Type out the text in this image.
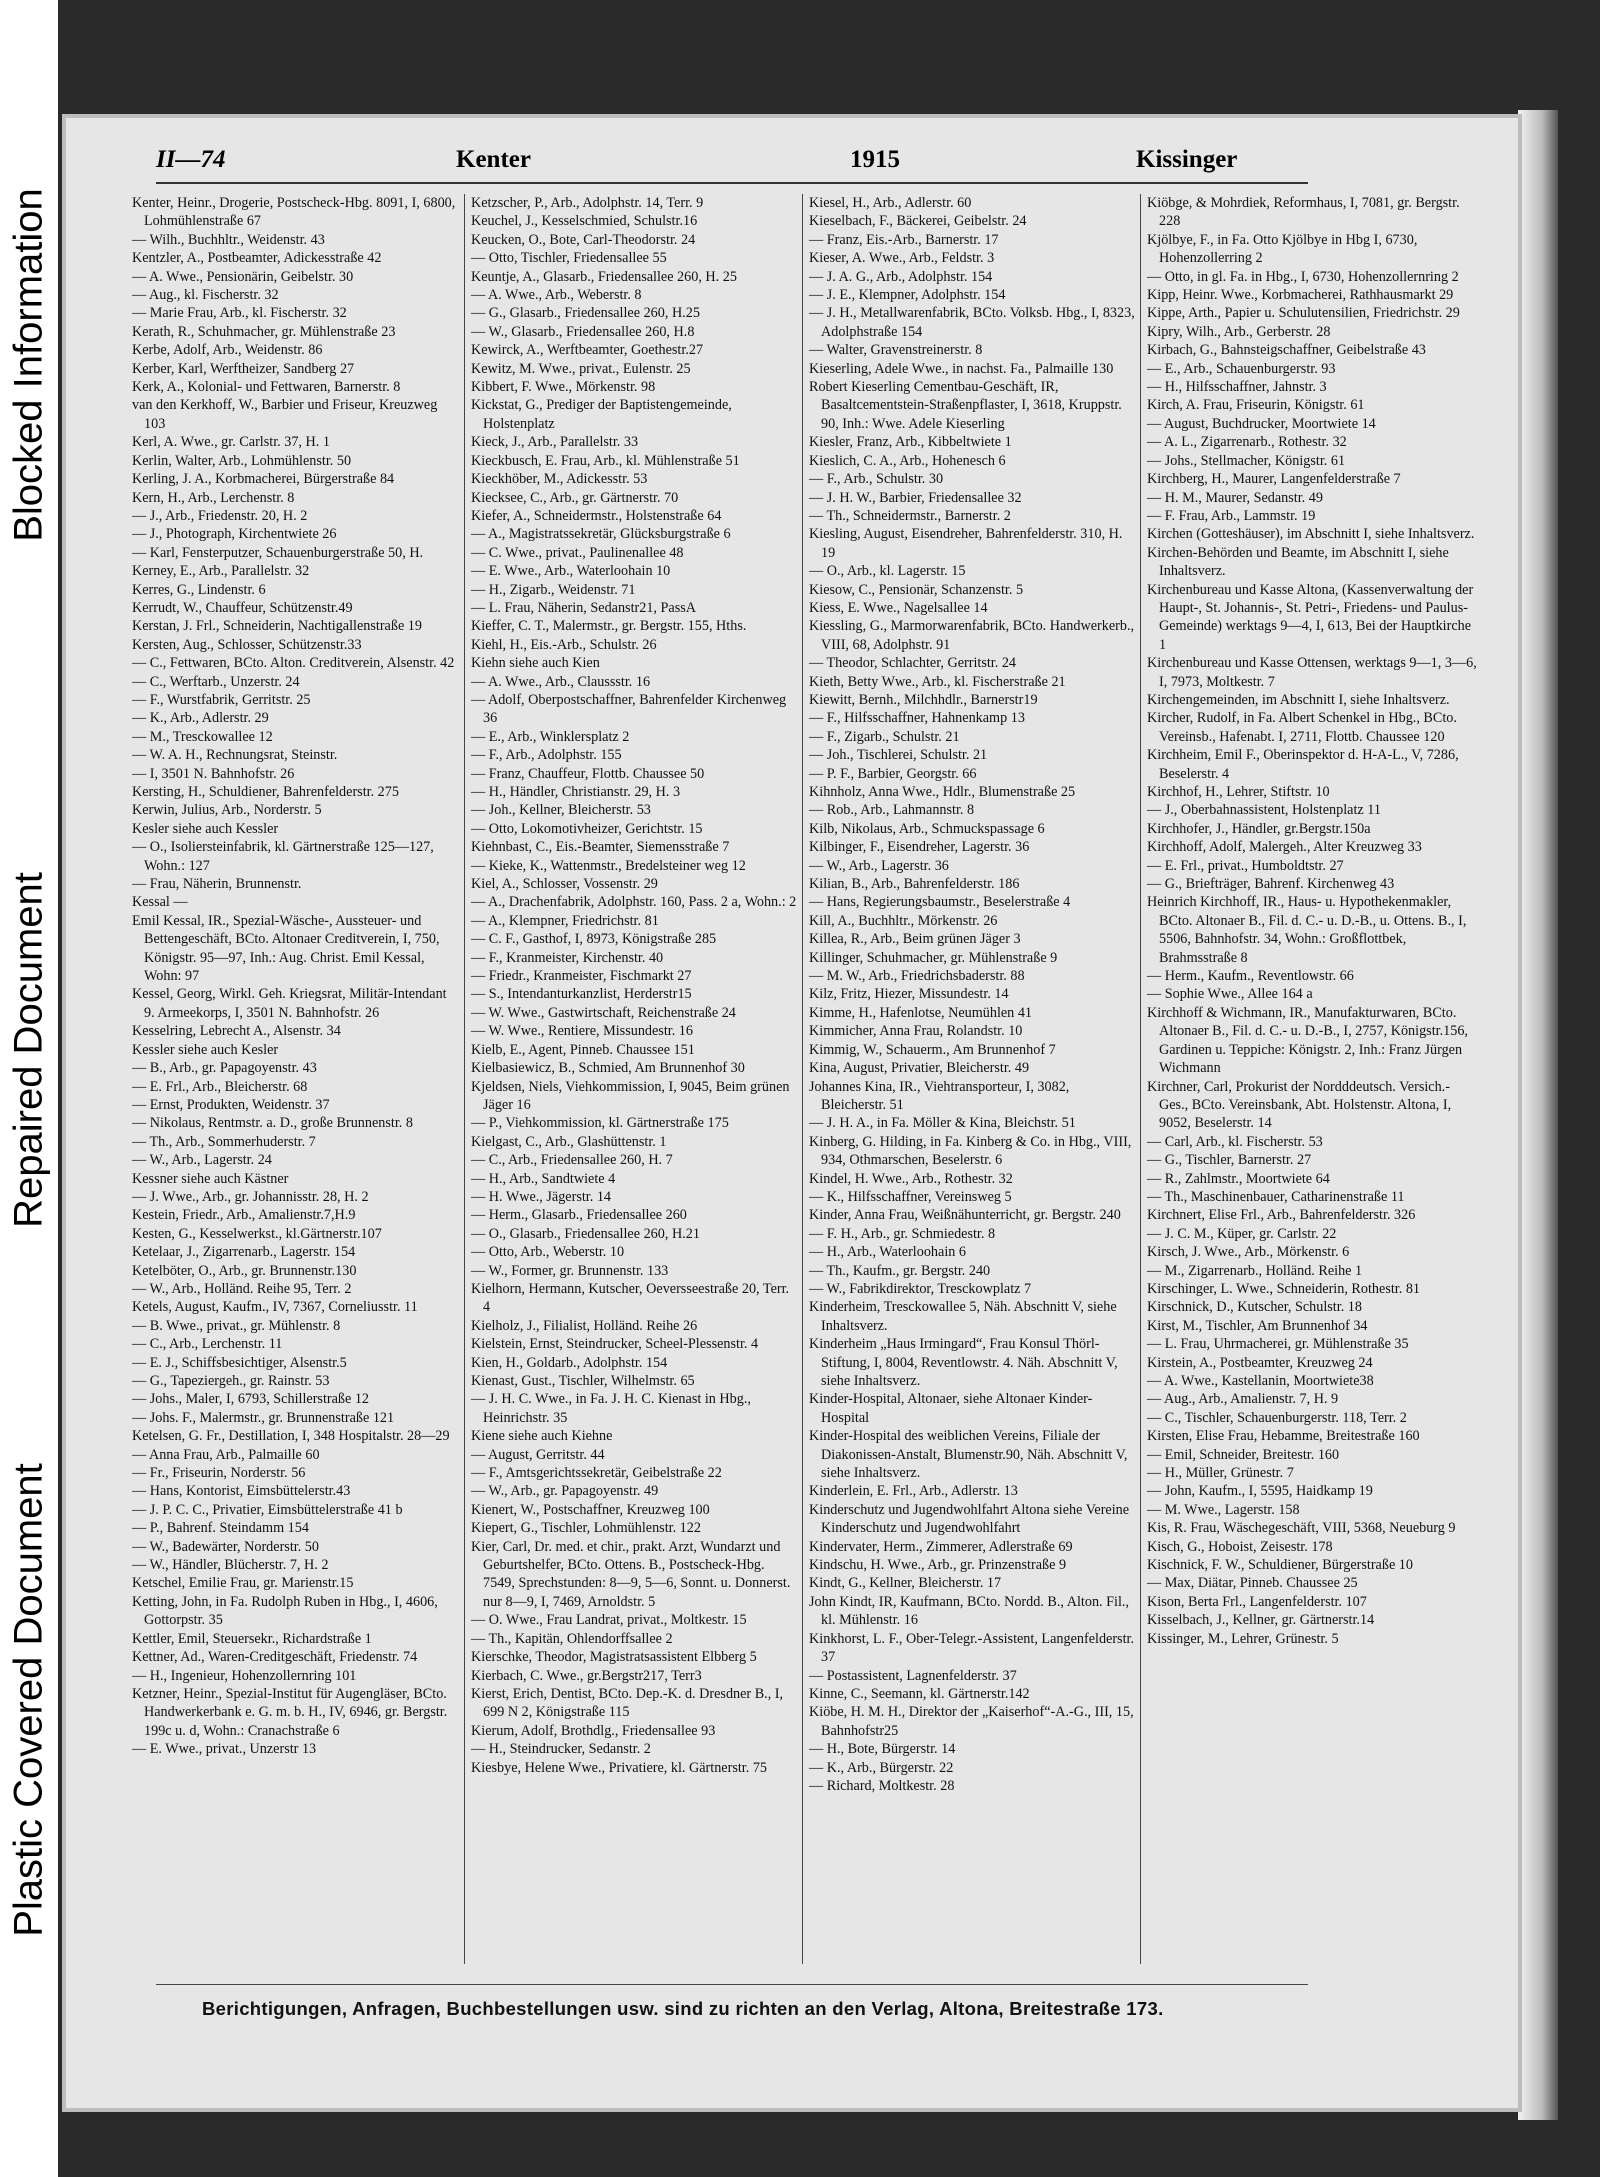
Plastic Covered Document
Repaired Document
Blocked Information
II—74	Kenter	1915	Kissinger

Kenter, Heinr., Drogerie, Postscheck-Hbg. 8091, I, 6800, Lohmühlenstraße 67

— Wilh., Buchhltr., Weidenstr. 43

Kentzler, A., Postbeamter, Adickesstraße 42

— A. Wwe., Pensionärin, Geibelstr. 30

— Aug., kl. Fischerstr. 32

— Marie Frau, Arb., kl. Fischerstr. 32

Kerath, R., Schuhmacher, gr. Mühlenstraße 23

Kerbe, Adolf, Arb., Weidenstr. 86

Kerber, Karl, Werftheizer, Sandberg 27

Kerk, A., Kolonial- und Fettwaren, Barnerstr. 8

van den Kerkhoff, W., Barbier und Friseur, Kreuzweg 103

Kerl, A. Wwe., gr. Carlstr. 37, H. 1

Kerlin, Walter, Arb., Lohmühlenstr. 50

Kerling, J. A., Korbmacherei, Bürgerstraße 84

Kern, H., Arb., Lerchenstr. 8

— J., Arb., Friedenstr. 20, H. 2

— J., Photograph, Kirchentwiete 26

— Karl, Fensterputzer, Schauenburgerstraße 50, H.

Kerney, E., Arb., Parallelstr. 32

Kerres, G., Lindenstr. 6

Kerrudt, W., Chauffeur, Schützenstr.49

Kerstan, J. Frl., Schneiderin, Nachtigallenstraße 19

Kersten, Aug., Schlosser, Schützenstr.33

— C., Fettwaren, BCto. Alton. Creditverein, Alsenstr. 42

— C., Werftarb., Unzerstr. 24

— F., Wurstfabrik, Gerritstr. 25

— K., Arb., Adlerstr. 29

— M., Tresckowallee 12

— W. A. H., Rechnungsrat, Steinstr.

— I, 3501 N. Bahnhofstr. 26

Kersting, H., Schuldiener, Bahrenfelderstr. 275

Kerwin, Julius, Arb., Norderstr. 5

Kesler siehe auch Kessler

— O., Isoliersteinfabrik, kl. Gärtnerstraße 125—127, Wohn.: 127

— Frau, Näherin, Brunnenstr.

Kessal —

Emil Kessal, IR., Spezial-Wäsche-, Aussteuer- und Bettengeschäft, BCto. Altonaer Creditverein, I, 750, Königstr. 95—97, Inh.: Aug. Christ. Emil Kessal, Wohn: 97

Kessel, Georg, Wirkl. Geh. Kriegsrat, Militär-Intendant 9. Armeekorps, I, 3501 N. Bahnhofstr. 26

Kesselring, Lebrecht A., Alsenstr. 34

Kessler siehe auch Kesler

— B., Arb., gr. Papagoyenstr. 43

— E. Frl., Arb., Bleicherstr. 68

— Ernst, Produkten, Weidenstr. 37

— Nikolaus, Rentmstr. a. D., große Brunnenstr. 8

— Th., Arb., Sommerhuderstr. 7

— W., Arb., Lagerstr. 24

Kessner siehe auch Kästner

— J. Wwe., Arb., gr. Johannisstr. 28, H. 2

Kestein, Friedr., Arb., Amalienstr.7,H.9

Kesten, G., Kesselwerkst., kl.Gärtnerstr.107

Ketelaar, J., Zigarrenarb., Lagerstr. 154

Ketelböter, O., Arb., gr. Brunnenstr.130

— W., Arb., Holländ. Reihe 95, Terr. 2

Ketels, August, Kaufm., IV, 7367, Corneliusstr. 11

— B. Wwe., privat., gr. Mühlenstr. 8

— C., Arb., Lerchenstr. 11

— E. J., Schiffsbesichtiger, Alsenstr.5

— G., Tapeziergeh., gr. Rainstr. 53

— Johs., Maler, I, 6793, Schillerstraße 12

— Johs. F., Malermstr., gr. Brunnenstraße 121

Ketelsen, G. Fr., Destillation, I, 348 Hospitalstr. 28—29

— Anna Frau, Arb., Palmaille 60

— Fr., Friseurin, Norderstr. 56

— Hans, Kontorist, Eimsbüttelerstr.43

— J. P. C. C., Privatier, Eimsbüttelerstraße 41 b

— P., Bahrenf. Steindamm 154

— W., Badewärter, Norderstr. 50

— W., Händler, Blücherstr. 7, H. 2

Ketschel, Emilie Frau, gr. Marienstr.15

Ketting, John, in Fa. Rudolph Ruben in Hbg., I, 4606, Gottorpstr. 35

Kettler, Emil, Steuersekr., Richardstraße 1

Kettner, Ad., Waren-Creditgeschäft, Friedenstr. 74

— H., Ingenieur, Hohenzollernring 101

Ketzner, Heinr., Spezial-Institut für Augengläser, BCto. Handwerkerbank e. G. m. b. H., IV, 6946, gr. Bergstr. 199c u. d, Wohn.: Cranachstraße 6

— E. Wwe., privat., Unzerstr 13

Ketzscher, P., Arb., Adolphstr. 14, Terr. 9

Keuchel, J., Kesselschmied, Schulstr.16

Keucken, O., Bote, Carl-Theodorstr. 24

— Otto, Tischler, Friedensallee 55

Keuntje, A., Glasarb., Friedensallee 260, H. 25

— A. Wwe., Arb., Weberstr. 8

— G., Glasarb., Friedensallee 260, H.25

— W., Glasarb., Friedensallee 260, H.8

Kewirck, A., Werftbeamter, Goethestr.27

Kewitz, M. Wwe., privat., Eulenstr. 25

Kibbert, F. Wwe., Mörkenstr. 98

Kickstat, G., Prediger der Baptistengemeinde, Holstenplatz

Kieck, J., Arb., Parallelstr. 33

Kieckbusch, E. Frau, Arb., kl. Mühlenstraße 51

Kieckhöber, M., Adickesstr. 53

Kiecksee, C., Arb., gr. Gärtnerstr. 70

Kiefer, A., Schneidermstr., Holstenstraße 64

— A., Magistratssekretär, Glücksburgstraße 6

— C. Wwe., privat., Paulinenallee 48

— E. Wwe., Arb., Waterloohain 10

— H., Zigarb., Weidenstr. 71

— L. Frau, Näherin, Sedanstr21, PassA

Kieffer, C. T., Malermstr., gr. Bergstr. 155, Hths.

Kiehl, H., Eis.-Arb., Schulstr. 26

Kiehn siehe auch Kien

— A. Wwe., Arb., Claussstr. 16

— Adolf, Oberpostschaffner, Bahrenfelder Kirchenweg 36

— E., Arb., Winklersplatz 2

— F., Arb., Adolphstr. 155

— Franz, Chauffeur, Flottb. Chaussee 50

— H., Händler, Christianstr. 29, H. 3

— Joh., Kellner, Bleicherstr. 53

— Otto, Lokomotivheizer, Gerichtstr. 15

Kiehnbast, C., Eis.-Beamter, Siemensstraße 7

— Kieke, K., Wattenmstr., Bredelsteiner weg 12

Kiel, A., Schlosser, Vossenstr. 29

— A., Drachenfabrik, Adolphstr. 160, Pass. 2 a, Wohn.: 2

— A., Klempner, Friedrichstr. 81

— C. F., Gasthof, I, 8973, Königstraße 285

— F., Kranmeister, Kirchenstr. 40

— Friedr., Kranmeister, Fischmarkt 27

— S., Intendanturkanzlist, Herderstr15

— W. Wwe., Gastwirtschaft, Reichenstraße 24

— W. Wwe., Rentiere, Missundestr. 16

Kielb, E., Agent, Pinneb. Chaussee 151

Kielbasiewicz, B., Schmied, Am Brunnenhof 30

Kjeldsen, Niels, Viehkommission, I, 9045, Beim grünen Jäger 16

— P., Viehkommission, kl. Gärtnerstraße 175

Kielgast, C., Arb., Glashüttenstr. 1

— C., Arb., Friedensallee 260, H. 7

— H., Arb., Sandtwiete 4

— H. Wwe., Jägerstr. 14

— Herm., Glasarb., Friedensallee 260

— O., Glasarb., Friedensallee 260, H.21

— Otto, Arb., Weberstr. 10

— W., Former, gr. Brunnenstr. 133

Kielhorn, Hermann, Kutscher, Oeversseestraße 20, Terr. 4

Kielholz, J., Filialist, Holländ. Reihe 26

Kielstein, Ernst, Steindrucker, Scheel-Plessenstr. 4

Kien, H., Goldarb., Adolphstr. 154

Kienast, Gust., Tischler, Wilhelmstr. 65

— J. H. C. Wwe., in Fa. J. H. C. Kienast in Hbg., Heinrichstr. 35

Kiene siehe auch Kiehne

— August, Gerritstr. 44

— F., Amtsgerichtssekretär, Geibelstraße 22

— W., Arb., gr. Papagoyenstr. 49

Kienert, W., Postschaffner, Kreuzweg 100

Kiepert, G., Tischler, Lohmühlenstr. 122

Kier, Carl, Dr. med. et chir., prakt. Arzt, Wundarzt und Geburtshelfer, BCto. Ottens. B., Postscheck-Hbg. 7549, Sprechstunden: 8—9, 5—6, Sonnt. u. Donnerst. nur 8—9, I, 7469, Arnoldstr. 5

— O. Wwe., Frau Landrat, privat., Moltkestr. 15

— Th., Kapitän, Ohlendorffsallee 2

Kierschke, Theodor, Magistratsassistent Elbberg 5

Kierbach, C. Wwe., gr.Bergstr217, Terr3

Kierst, Erich, Dentist, BCto. Dep.-K. d. Dresdner B., I, 699 N 2, Königstraße 115

Kierum, Adolf, Brothdlg., Friedensallee 93

— H., Steindrucker, Sedanstr. 2

Kiesbye, Helene Wwe., Privatiere, kl. Gärtnerstr. 75

Kiesel, H., Arb., Adlerstr. 60

Kieselbach, F., Bäckerei, Geibelstr. 24

— Franz, Eis.-Arb., Barnerstr. 17

Kieser, A. Wwe., Arb., Feldstr. 3

— J. A. G., Arb., Adolphstr. 154

— J. E., Klempner, Adolphstr. 154

— J. H., Metallwarenfabrik, BCto. Volksb. Hbg., I, 8323, Adolphstraße 154

— Walter, Gravenstreinerstr. 8

Kieserling, Adele Wwe., in nachst. Fa., Palmaille 130

Robert Kieserling Cementbau-Geschäft, IR, Basaltcementstein-Straßenpflaster, I, 3618, Kruppstr. 90, Inh.: Wwe. Adele Kieserling

Kiesler, Franz, Arb., Kibbeltwiete 1

Kieslich, C. A., Arb., Hohenesch 6

— F., Arb., Schulstr. 30

— J. H. W., Barbier, Friedensallee 32

— Th., Schneidermstr., Barnerstr. 2

Kiesling, August, Eisendreher, Bahrenfelderstr. 310, H. 19

— O., Arb., kl. Lagerstr. 15

Kiesow, C., Pensionär, Schanzenstr. 5

Kiess, E. Wwe., Nagelsallee 14

Kiessling, G., Marmorwarenfabrik, BCto. Handwerkerb., VIII, 68, Adolphstr. 91

— Theodor, Schlachter, Gerritstr. 24

Kieth, Betty Wwe., Arb., kl. Fischerstraße 21

Kiewitt, Bernh., Milchhdlr., Barnerstr19

— F., Hilfsschaffner, Hahnenkamp 13

— F., Zigarb., Schulstr. 21

— Joh., Tischlerei, Schulstr. 21

— P. F., Barbier, Georgstr. 66

Kihnholz, Anna Wwe., Hdlr., Blumenstraße 25

— Rob., Arb., Lahmannstr. 8

Kilb, Nikolaus, Arb., Schmuckspassage 6

Kilbinger, F., Eisendreher, Lagerstr. 36

— W., Arb., Lagerstr. 36

Kilian, B., Arb., Bahrenfelderstr. 186

— Hans, Regierungsbaumstr., Beselerstraße 4

Kill, A., Buchhltr., Mörkenstr. 26

Killea, R., Arb., Beim grünen Jäger 3

Killinger, Schuhmacher, gr. Mühlenstraße 9

— M. W., Arb., Friedrichsbaderstr. 88

Kilz, Fritz, Hiezer, Missundestr. 14

Kimme, H., Hafenlotse, Neumühlen 41

Kimmicher, Anna Frau, Rolandstr. 10

Kimmig, W., Schauerm., Am Brunnenhof 7

Kina, August, Privatier, Bleicherstr. 49

Johannes Kina, IR., Viehtransporteur, I, 3082, Bleicherstr. 51

— J. H. A., in Fa. Möller & Kina, Bleichstr. 51

Kinberg, G. Hilding, in Fa. Kinberg & Co. in Hbg., VIII, 934, Othmarschen, Beselerstr. 6

Kindel, H. Wwe., Arb., Rothestr. 32

— K., Hilfsschaffner, Vereinsweg 5

Kinder, Anna Frau, Weißnähunterricht, gr. Bergstr. 240

— F. H., Arb., gr. Schmiedestr. 8

— H., Arb., Waterloohain 6

— Th., Kaufm., gr. Bergstr. 240

— W., Fabrikdirektor, Tresckowplatz 7

Kinderheim, Tresckowallee 5, Näh. Abschnitt V, siehe Inhaltsverz.

Kinderheim „Haus Irmingard“, Frau Konsul Thörl-Stiftung, I, 8004, Reventlowstr. 4. Näh. Abschnitt V, siehe Inhaltsverz.

Kinder-Hospital, Altonaer, siehe Altonaer Kinder-Hospital

Kinder-Hospital des weiblichen Vereins, Filiale der Diakonissen-Anstalt, Blumenstr.90, Näh. Abschnitt V, siehe Inhaltsverz.

Kinderlein, E. Frl., Arb., Adlerstr. 13

Kinderschutz und Jugendwohlfahrt Altona siehe Vereine Kinderschutz und Jugendwohlfahrt

Kindervater, Herm., Zimmerer, Adlerstraße 69

Kindschu, H. Wwe., Arb., gr. Prinzenstraße 9

Kindt, G., Kellner, Bleicherstr. 17

John Kindt, IR, Kaufmann, BCto. Nordd. B., Alton. Fil., kl. Mühlenstr. 16

Kinkhorst, L. F., Ober-Telegr.-Assistent, Langenfelderstr. 37

— Postassistent, Lagnenfelderstr. 37

Kinne, C., Seemann, kl. Gärtnerstr.142

Kiöbe, H. M. H., Direktor der „Kaiserhof“-A.-G., III, 15, Bahnhofstr25

— H., Bote, Bürgerstr. 14

— K., Arb., Bürgerstr. 22

— Richard, Moltkestr. 28

Kiöbge, & Mohrdiek, Reformhaus, I, 7081, gr. Bergstr. 228

Kjölbye, F., in Fa. Otto Kjölbye in Hbg I, 6730, Hohenzollerring 2

— Otto, in gl. Fa. in Hbg., I, 6730, Hohenzollernring 2

Kipp, Heinr. Wwe., Korbmacherei, Rathhausmarkt 29

Kippe, Arth., Papier u. Schulutensilien, Friedrichstr. 29

Kipry, Wilh., Arb., Gerberstr. 28

Kirbach, G., Bahnsteigschaffner, Geibelstraße 43

— E., Arb., Schauenburgerstr. 93

— H., Hilfsschaffner, Jahnstr. 3

Kirch, A. Frau, Friseurin, Königstr. 61

— August, Buchdrucker, Moortwiete 14

— A. L., Zigarrenarb., Rothestr. 32

— Johs., Stellmacher, Königstr. 61

Kirchberg, H., Maurer, Langenfelderstraße 7

— H. M., Maurer, Sedanstr. 49

— F. Frau, Arb., Lammstr. 19

Kirchen (Gotteshäuser), im Abschnitt I, siehe Inhaltsverz.

Kirchen-Behörden und Beamte, im Abschnitt I, siehe Inhaltsverz.

Kirchenbureau und Kasse Altona, (Kassenverwaltung der Haupt-, St. Johannis-, St. Petri-, Friedens- und Paulus-Gemeinde) werktags 9—4, I, 613, Bei der Hauptkirche 1

Kirchenbureau und Kasse Ottensen, werktags 9—1, 3—6, I, 7973, Moltkestr. 7

Kirchengemeinden, im Abschnitt I, siehe Inhaltsverz.

Kircher, Rudolf, in Fa. Albert Schenkel in Hbg., BCto. Vereinsb., Hafenabt. I, 2711, Flottb. Chaussee 120

Kirchheim, Emil F., Oberinspektor d. H-A-L., V, 7286, Beselerstr. 4

Kirchhof, H., Lehrer, Stiftstr. 10

— J., Oberbahnassistent, Holstenplatz 11

Kirchhofer, J., Händler, gr.Bergstr.150a

Kirchhoff, Adolf, Malergeh., Alter Kreuzweg 33

— E. Frl., privat., Humboldtstr. 27

— G., Briefträger, Bahrenf. Kirchenweg 43

Heinrich Kirchhoff, IR., Haus- u. Hypothekenmakler, BCto. Altonaer B., Fil. d. C.- u. D.-B., u. Ottens. B., I, 5506, Bahnhofstr. 34, Wohn.: Großflottbek, Brahmsstraße 8

— Herm., Kaufm., Reventlowstr. 66

— Sophie Wwe., Allee 164 a

Kirchhoff & Wichmann, IR., Manufakturwaren, BCto. Altonaer B., Fil. d. C.- u. D.-B., I, 2757, Königstr.156, Gardinen u. Teppiche: Königstr. 2, Inh.: Franz Jürgen Wichmann

Kirchner, Carl, Prokurist der Nordddeutsch. Versich.-Ges., BCto. Vereinsbank, Abt. Holstenstr. Altona, I, 9052, Beselerstr. 14

— Carl, Arb., kl. Fischerstr. 53

— G., Tischler, Barnerstr. 27

— R., Zahlmstr., Moortwiete 64

— Th., Maschinenbauer, Catharinenstraße 11

Kirchnert, Elise Frl., Arb., Bahrenfelderstr. 326

— J. C. M., Küper, gr. Carlstr. 22

Kirsch, J. Wwe., Arb., Mörkenstr. 6

— M., Zigarrenarb., Holländ. Reihe 1

Kirschinger, L. Wwe., Schneiderin, Rothestr. 81

Kirschnick, D., Kutscher, Schulstr. 18

Kirst, M., Tischler, Am Brunnenhof 34

— L. Frau, Uhrmacherei, gr. Mühlenstraße 35

Kirstein, A., Postbeamter, Kreuzweg 24

— A. Wwe., Kastellanin, Moortwiete38

— Aug., Arb., Amalienstr. 7, H. 9

— C., Tischler, Schauenburgerstr. 118, Terr. 2

Kirsten, Elise Frau, Hebamme, Breitestraße 160

— Emil, Schneider, Breitestr. 160

— H., Müller, Grünestr. 7

— John, Kaufm., I, 5595, Haidkamp 19

— M. Wwe., Lagerstr. 158

Kis, R. Frau, Wäschegeschäft, VIII, 5368, Neueburg 9

Kisch, G., Hoboist, Zeisestr. 178

Kischnick, F. W., Schuldiener, Bürgerstraße 10

— Max, Diätar, Pinneb. Chaussee 25

Kison, Berta Frl., Langenfelderstr. 107

Kisselbach, J., Kellner, gr. Gärtnerstr.14

Kissinger, M., Lehrer, Grünestr. 5

Berichtigungen, Anfragen, Buchbestellungen usw. sind zu richten an den Verlag, Altona, Breitestraße 173.
